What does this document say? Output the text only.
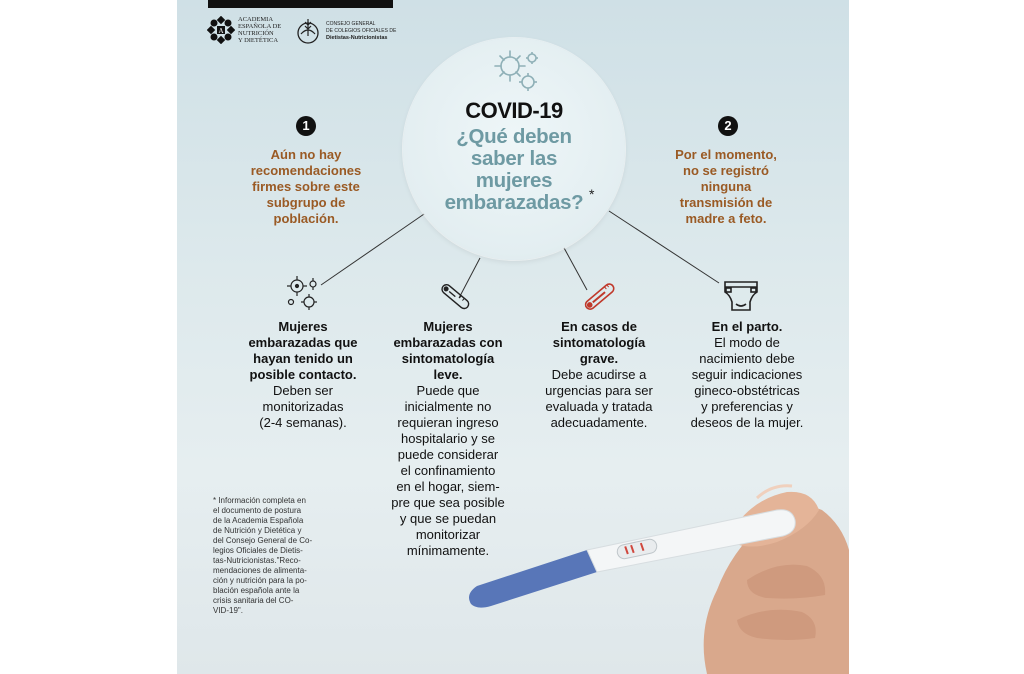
A
ACADEMIA
ESPAÑOLA DE
NUTRICIÓN
Y DIETÉTICA
CONSEJO GENERAL
DE COLEGIOS OFICIALES DE
Dietistas-Nutricionistas
COVID-19
¿Qué deben
saber las
mujeres
embarazadas? *
1
Aún no hay
recomendaciones
firmes sobre este
subgrupo de
población.
2
Por el momento,
no se registró
ninguna
transmisión de
madre a feto.
Mujeres
embarazadas que
hayan tenido un
posible contacto.
Deben ser
monitorizadas
(2-4 semanas).
Mujeres
embarazadas con
sintomatología
leve.
Puede que
inicialmente no
requieran ingreso
hospitalario y se
puede considerar
el confinamiento
en el hogar, siem-
pre que sea posible
y que se puedan
monitorizar
mínimamente.
En casos de
sintomatología
grave.
Debe acudirse a
urgencias para ser
evaluada y tratada
adecuadamente.
En el parto.
El modo de
nacimiento debe
seguir indicaciones
gineco-obstétricas
y preferencias y
deseos de la mujer.
* Información completa en
el documento de postura
de la Academia Española
de Nutrición y Dietética y
del Consejo General de Co-
legios Oficiales de Dietis-
tas-Nutricionistas."Reco-
mendaciones de alimenta-
ción y nutrición para la po-
blación española ante la
crisis sanitaria del CO-
VID-19".
